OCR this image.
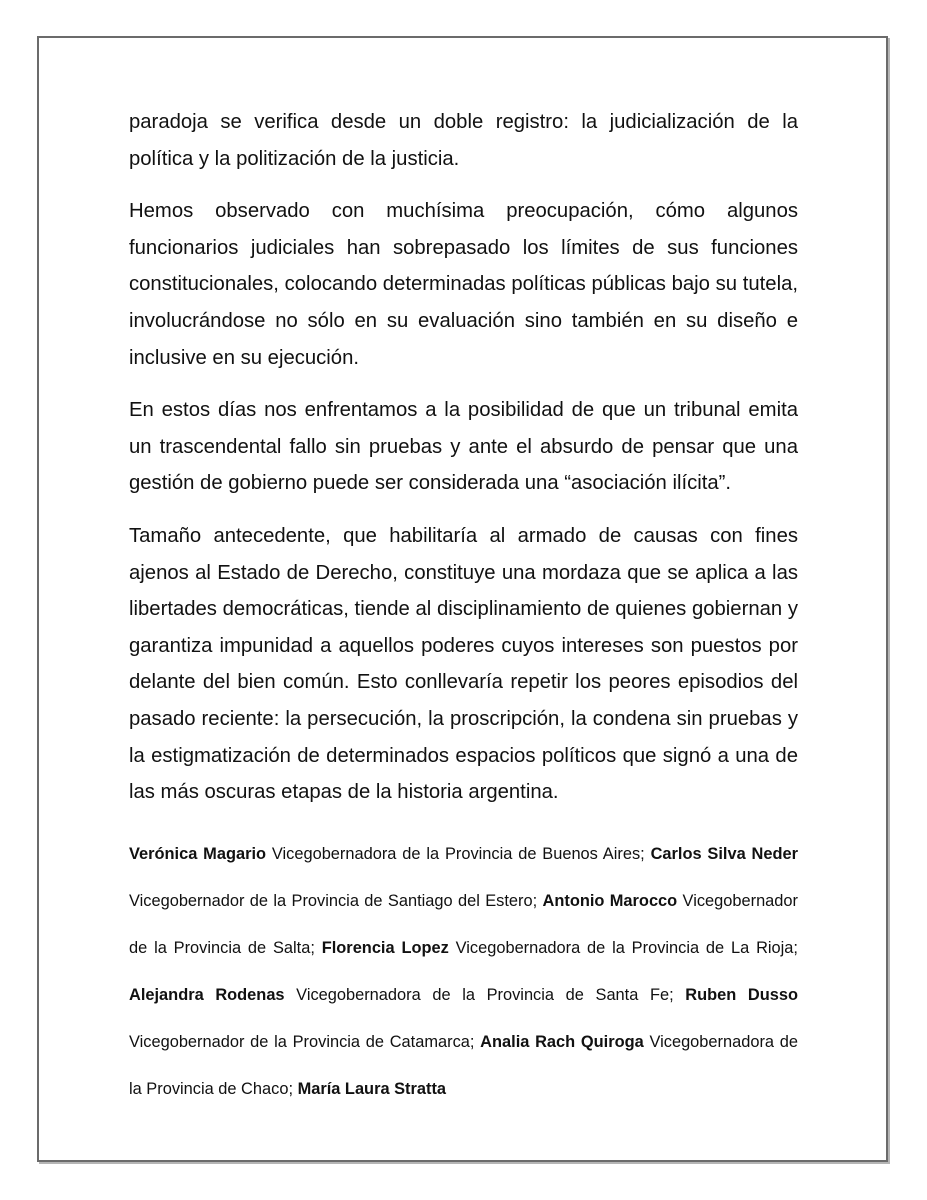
paradoja se verifica desde un doble registro: la judicialización de la política y la politización de la justicia.

Hemos observado con muchísima preocupación, cómo algunos funcionarios judiciales han sobrepasado los límites de sus funciones constitucionales, colocando determinadas políticas públicas bajo su tutela, involucrándose no sólo en su evaluación sino también en su diseño e inclusive en su ejecución.

En estos días nos enfrentamos a la posibilidad de que un tribunal emita un trascendental fallo sin pruebas y ante el absurdo de pensar que una gestión de gobierno puede ser considerada una “asociación ilícita”.

Tamaño antecedente, que habilitaría al armado de causas con fines ajenos al Estado de Derecho, constituye una mordaza que se aplica a las libertades democráticas, tiende al disciplinamiento de quienes gobiernan y garantiza impunidad a aquellos poderes cuyos intereses son puestos por delante del bien común. Esto conllevaría repetir los peores episodios del pasado reciente: la persecución, la proscripción, la condena sin pruebas y la estigmatización de determinados espacios políticos que signó a una de las más oscuras etapas de la historia argentina.

Verónica Magario Vicegobernadora de la Provincia de Buenos Aires; Carlos Silva Neder Vicegobernador de la Provincia de Santiago del Estero; Antonio Marocco Vicegobernador de la Provincia de Salta; Florencia Lopez Vicegobernadora de la Provincia de La Rioja; Alejandra Rodenas Vicegobernadora de la Provincia de Santa Fe; Ruben Dusso Vicegobernador de la Provincia de Catamarca; Analia Rach Quiroga Vicegobernadora de la Provincia de Chaco; María Laura Stratta
